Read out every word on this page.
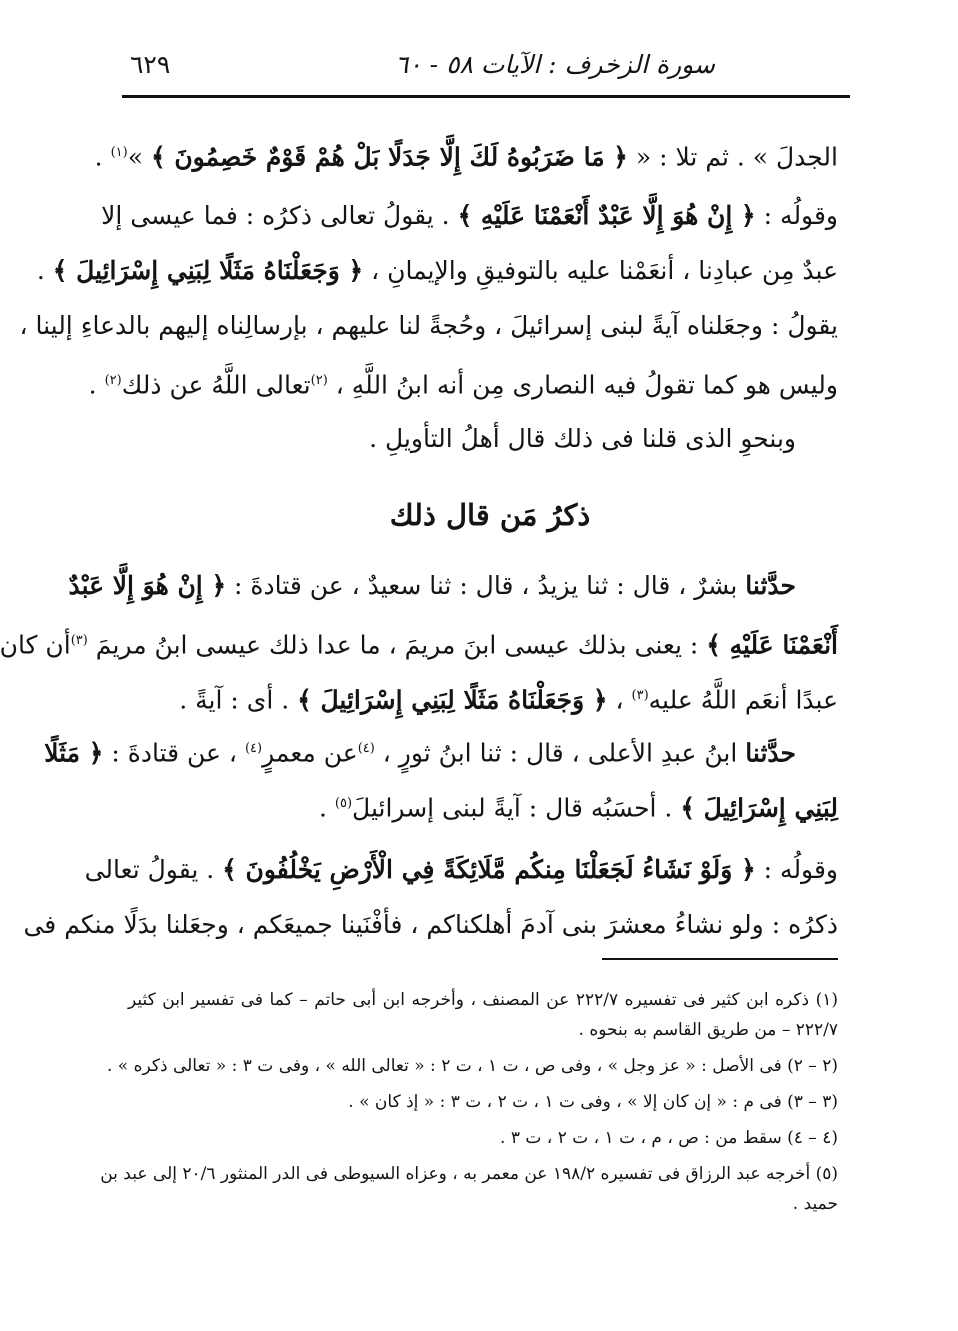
سورة الزخرف : الآيات ٥٨ - ٦٠
٦٢٩
الجدلَ » . ثم تلا : « ﴿ مَا ضَرَبُوهُ لَكَ إِلَّا جَدَلًا بَلْ هُمْ قَوْمٌ خَصِمُونَ ﴾ »$^{(١)}$ .
وقولُه : ﴿ إِنْ هُوَ إِلَّا عَبْدٌ أَنْعَمْنَا عَلَيْهِ ﴾ . يقولُ تعالى ذكرُه : فما عيسى إلا
عبدٌ مِن عبادِنا ، أنعَمْنا عليه بالتوفيقِ والإيمانِ ، ﴿ وَجَعَلْنَاهُ مَثَلًا لِبَنِي إِسْرَائِيلَ ﴾ .
يقولُ : وجعَلناه آيةً لبنى إسرائيلَ ، وحُجةً لنا عليهم ، بإرسالِناه إليهم بالدعاءِ إلينا ،
وليس هو كما تقولُ فيه النصارى مِن أنه ابنُ اللَّهِ ، $^{(٢)}$تعالى اللَّهُ عن ذلك$^{(٢)}$ .
وبنحوِ الذى قلنا فى ذلك قال أهلُ التأويلِ .
ذكرُ مَن قال ذلك
حدَّثنا بشرٌ ، قال : ثنا يزيدُ ، قال : ثنا سعيدٌ ، عن قتادةَ : ﴿ إِنْ هُوَ إِلَّا عَبْدٌ
أَنْعَمْنَا عَلَيْهِ ﴾ : يعنى بذلك عيسى ابنَ مريمَ ، ما عدا ذلك عيسى ابنُ مريمَ $^{(٣)}$أن كان
عبدًا أنعَم اللَّهُ عليه$^{(٣)}$ ، ﴿ وَجَعَلْنَاهُ مَثَلًا لِبَنِي إِسْرَائِيلَ ﴾ . أى : آيةً .
حدَّثنا ابنُ عبدِ الأعلى ، قال : ثنا ابنُ ثورٍ ، $^{(٤)}$عن معمرٍ$^{(٤)}$ ، عن قتادةَ : ﴿ مَثَلًا
لِبَنِي إِسْرَائِيلَ ﴾ . أحسَبُه قال : آيةً لبنى إسرائيلَ$^{(٥)}$ .
وقولُه : ﴿ وَلَوْ نَشَاءُ لَجَعَلْنَا مِنكُم مَّلَائِكَةً فِي الْأَرْضِ يَخْلُفُونَ ﴾ . يقولُ تعالى
ذكرُه : ولو نشاءُ معشرَ بنى آدمَ أهلكناكم ، فأفْنَينا جميعَكم ، وجعَلنا بدَلًا منكم فى
(١) ذكره ابن كثير فى تفسيره ٢٢٢/٧ عن المصنف ، وأخرجه ابن أبى حاتم – كما فى تفسير ابن كثير
٢٢٢/٧ – من طريق القاسم به بنحوه .
(٢ – ٢) فى الأصل : « عز وجل » ، وفى ص ، ت ١ ، ت ٢ : « تعالى الله » ، وفى ت ٣ : « تعالى ذكره » .
(٣ – ٣) فى م : « إن كان إلا » ، وفى ت ١ ، ت ٢ ، ت ٣ : « إذ كان » .
(٤ – ٤) سقط من : ص ، م ، ت ١ ، ت ٢ ، ت ٣ .
(٥) أخرجه عبد الرزاق فى تفسيره ١٩٨/٢ عن معمر به ، وعزاه السيوطى فى الدر المنثور ٢٠/٦ إلى عبد بن
حميد .
